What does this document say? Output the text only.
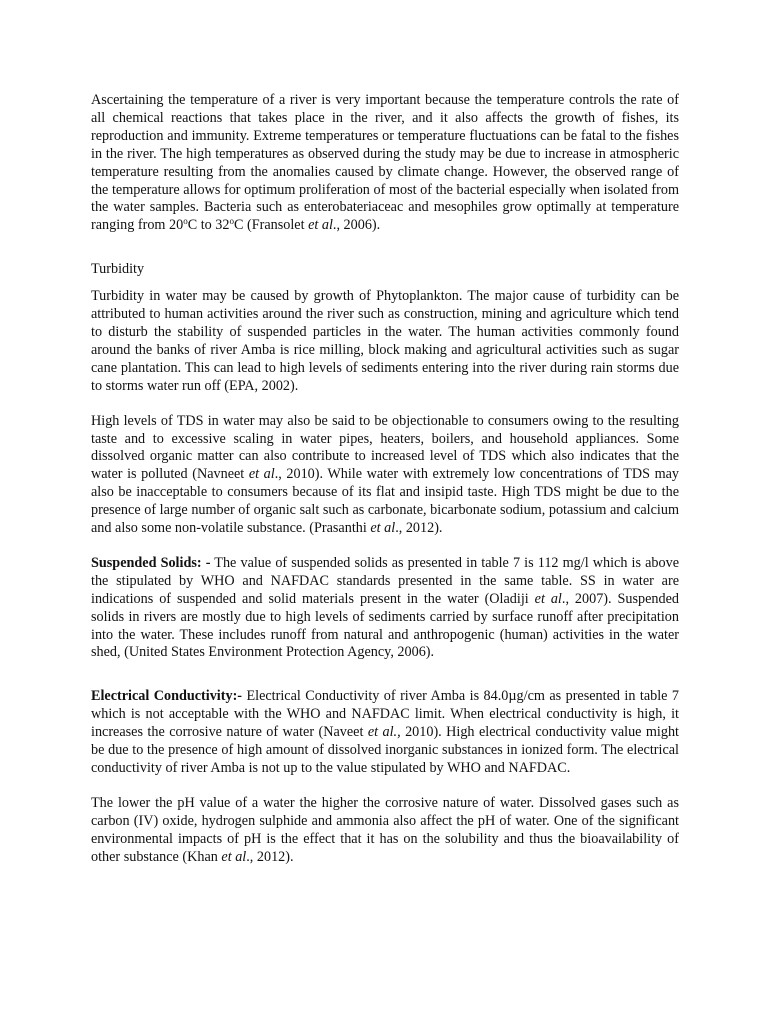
Ascertaining the temperature of a river is very important because the temperature controls the rate of all chemical reactions that takes place in the river, and it also affects the growth of fishes, its reproduction and immunity. Extreme temperatures or temperature fluctuations can be fatal to the fishes in the river. The high temperatures as observed during the study may be due to increase in atmospheric temperature resulting from the anomalies caused by climate change. However, the observed range of the temperature allows for optimum proliferation of most of the bacterial especially when isolated from the water samples. Bacteria such as enterobateriaceac and mesophiles grow optimally at temperature ranging from 20$^o$C to 32$^o$C (Fransolet et al., 2006).

Turbidity

Turbidity in water may be caused by growth of Phytoplankton. The major cause of turbidity can be attributed to human activities around the river such as construction, mining and agriculture which tend to disturb the stability of suspended particles in the water. The human activities commonly found around the banks of river Amba is rice milling, block making and agricultural activities such as sugar cane plantation. This can lead to high levels of sediments entering into the river during rain storms due to storms water run off (EPA, 2002).

High levels of TDS in water may also be said to be objectionable to consumers owing to the resulting taste and to excessive scaling in water pipes, heaters, boilers, and household appliances. Some dissolved organic matter can also contribute to increased level of TDS which also indicates that the water is polluted (Navneet et al., 2010). While water with extremely low concentrations of TDS may also be inacceptable to consumers because of its flat and insipid taste. High TDS might be due to the presence of large number of organic salt such as carbonate, bicarbonate sodium, potassium and calcium and also some non-volatile substance. (Prasanthi et al., 2012).

Suspended Solids: - The value of suspended solids as presented in table 7 is 112 mg/l which is above the stipulated by WHO and NAFDAC standards presented in the same table. SS in water are indications of suspended and solid materials present in the water (Oladiji et al., 2007). Suspended solids in rivers are mostly due to high levels of sediments carried by surface runoff after precipitation into the water. These includes runoff from natural and anthropogenic (human) activities in the water shed, (United States Environment Protection Agency, 2006).

Electrical Conductivity:- Electrical Conductivity of river Amba is 84.0µg/cm as presented in table 7 which is not acceptable with the WHO and NAFDAC limit. When electrical conductivity is high, it increases the corrosive nature of water (Naveet et al., 2010). High electrical conductivity value might be due to the presence of high amount of dissolved inorganic substances in ionized form. The electrical conductivity of river Amba is not up to the value stipulated by WHO and NAFDAC.

The lower the pH value of a water the higher the corrosive nature of water. Dissolved gases such as carbon (IV) oxide, hydrogen sulphide and ammonia also affect the pH of water. One of the significant environmental impacts of pH is the effect that it has on the solubility and thus the bioavailability of other substance (Khan et al., 2012).
